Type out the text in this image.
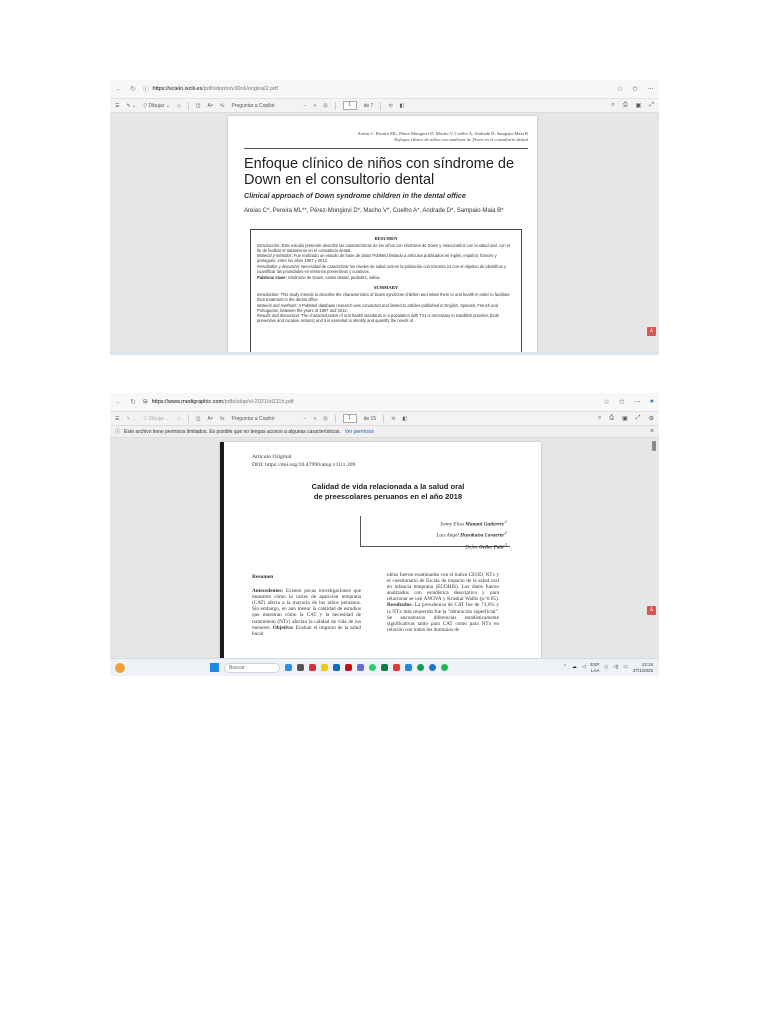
← ↻ ⓘ https://scielo.isciii.es /pdf/odonto/v30n6/original2.pdf	☆ ✩ ⋯
☰ ✎ ⌄ ▽ Dibujar ⌄ ◇	◫ Aᵃ ⅍ Preguntar a Copilot	− + ⊡	1	de 7	⟲ ◧	⌕ ⎙ ▣ ⤢
Areias C, Pereira ML, Pérez-Mongiovi D, Macho V, Coelho A, Andrade D, Sampaio-Maia B
Enfoque clínico de niños con síndrome de Down en el consultorio dental
Enfoque clínico de niños con síndrome de Down en el consultorio dental
Clinical approach of Down syndrome children in the dental office
Areias C*, Pereira ML**, Pérez-Mongiovi D*, Macho V*, Coelho A*, Andrade D*, Sampaio-Maia B*
RESUMEN

Introducción: Este estudio pretende describir las características de los niños con síndrome de Down y relacionarlos con la salud oral, con el fin de facilitar el tratamiento en el consultorio dental.

Material y métodos: Fue realizado un estudio de base de datos PubMed limitado a artículos publicados en inglés, español, francés y portugués, entre los años 1997 y 2012.

Resultados y discusión: Necesidad de caracterizar los niveles de salud oral en la población con trisomía 21 con el objetivo de identificar y cuantificar las prioridades en términos preventivos y curativos.

Palabras clave: Síndrome de Down, caries dental, pediatría, saliva.

SUMMARY

Introduction: This study intends to describe the characteristics of Down syndrome children and relate them to oral health in order to facilitate their treatment in the dental office.

Material and methods: A PubMed database research was conducted and limited to articles published in English, Spanish, French and Portuguese, between the years of 1997 and 2012.

Results and discussion: The characterization of oral health standards in a population with T21 is necessary to establish priorities (both preventive and curative actions) and it is essential to identify and quantify the needs of

⅄
← ↻ ⊟ https://www.medigraphic.com /pdfs/alop/ol-2021/ol211h.pdf	☆ ✩ ⋯ ●
☰ ✎ ⌄ ▽ Dibujar ⌄ ◇	◫ Aᵃ ⅍ Preguntar a Copilot	− + ⊡	1	de 15	⟲ ◧	⌕ ⎙ ▣ ⤢ ⚙
ⓘ Este archivo tiene permisos limitados. Es posible que no tengas acceso a algunas características. Ver permisos	×
Artículo Original
DOI: https://doi.org/10.47990/alop.v11i1.209
Calidad de vida relacionada a la salud oral
de preescolares peruanos en el año 2018
Jenny Elisa Manani Gutiérrez$^{,1}$
Luis Angel Huyakuisa Lavaerta$^{,2}$
Defne Geller Paltí$^{,3}$
Resumen

Antecedentes: Existen pocas investigaciones que muestren cómo la caries de aparición temprana (CAT) afecta a la mayoría de los niños peruanos. Sin embargo, en aun menor la cantidad de estudios que muestran cómo la CAT y la necesidad de tratamiento (NTx) afectan la calidad de vida de los menores. Objetivo: Evaluar el impacto de la salud bucal

niños fueron examinados con el índice CEOD, NTx y el cuestionario de Escala de impacto de la salud oral en infancia temprana (ECOHIS). Los datos fueron analizados con estadística descriptiva y para relacionar se usó ANOVA y Kruskal Wallis (p<0.05). Resultados: La prevalencia de CAT fue de 73,6% y la NTx más requerida fue la "obturación superficial". Se encontraron diferencias estadísticamente significativas tanto para CAT como para NTx en relación con todos los dominios de

⅄
Buscar	⌃ ☁ ◁
ESP
LAA ◇ ◁) ▭
13:15
27/1/2025
